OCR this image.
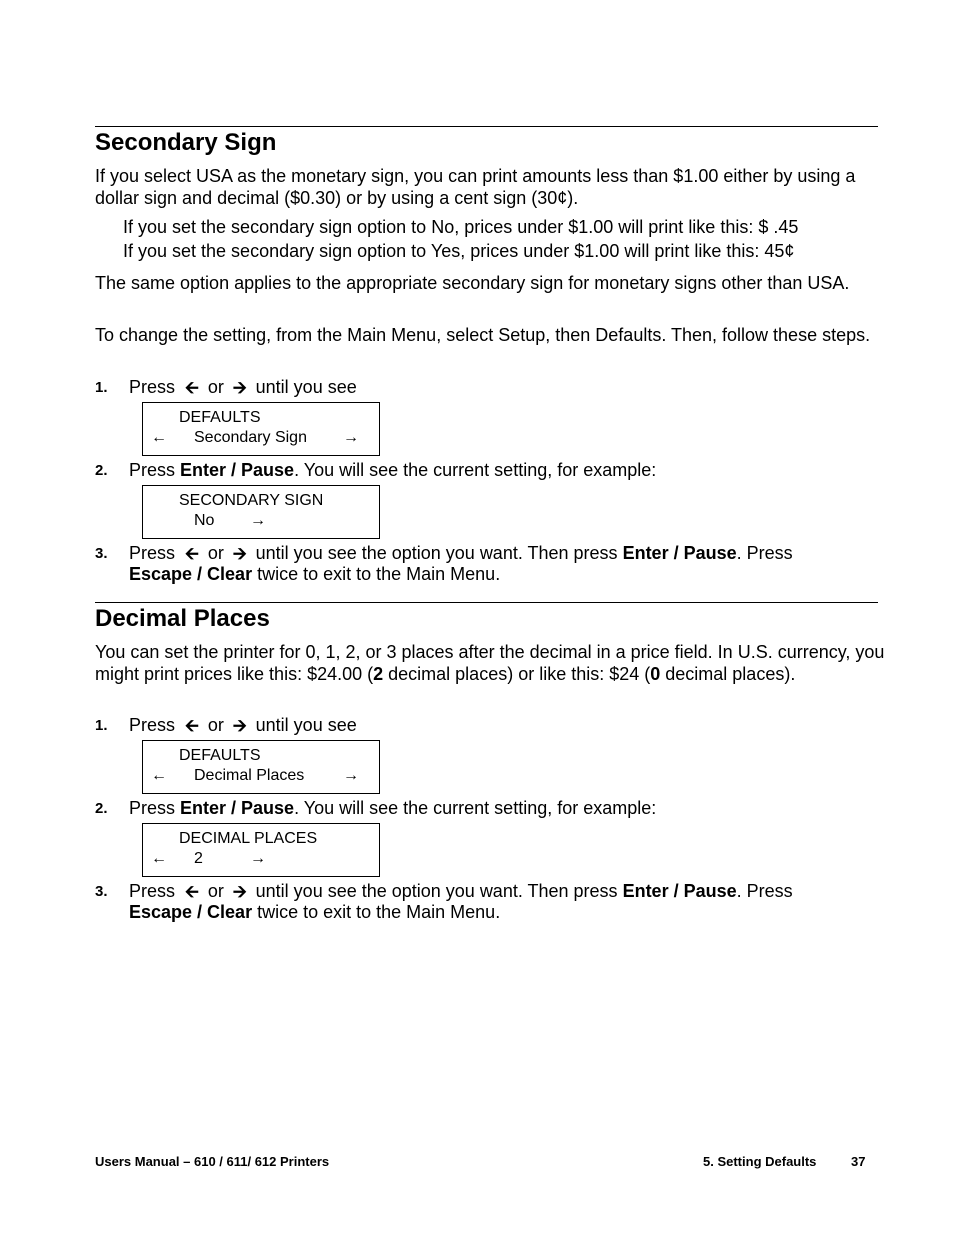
Secondary Sign

If you select USA as the monetary sign, you can print amounts less than $1.00 either by using a dollar sign and decimal ($0.30) or by using a cent sign (30¢).

If you set the secondary sign option to No, prices under $1.00 will print like this: $ .45
If you set the secondary sign option to Yes, prices under $1.00 will print like this: 45¢

The same option applies to the appropriate secondary sign for monetary signs other than USA.

To change the setting, from the Main Menu, select Setup, then Defaults. Then, follow these steps.

1. Press 🡨 or 🡪 until you see
DEFAULTS
← Secondary Sign →
2. Press Enter / Pause. You will see the current setting, for example:
SECONDARY SIGN
No →
3. Press 🡨 or 🡪 until you see the option you want. Then press Enter / Pause. Press Escape / Clear twice to exit to the Main Menu.
Decimal Places

You can set the printer for 0, 1, 2, or 3 places after the decimal in a price field. In U.S. currency, you might print prices like this: $24.00 (2 decimal places) or like this: $24 (0 decimal places).

1. Press 🡨 or 🡪 until you see
DEFAULTS
← Decimal Places →
2. Press Enter / Pause. You will see the current setting, for example:
DECIMAL PLACES
← 2	→
3. Press 🡨 or 🡪 until you see the option you want. Then press Enter / Pause. Press Escape / Clear twice to exit to the Main Menu.
Users Manual – 610 / 611/ 612 Printers	5. Setting Defaults	37
